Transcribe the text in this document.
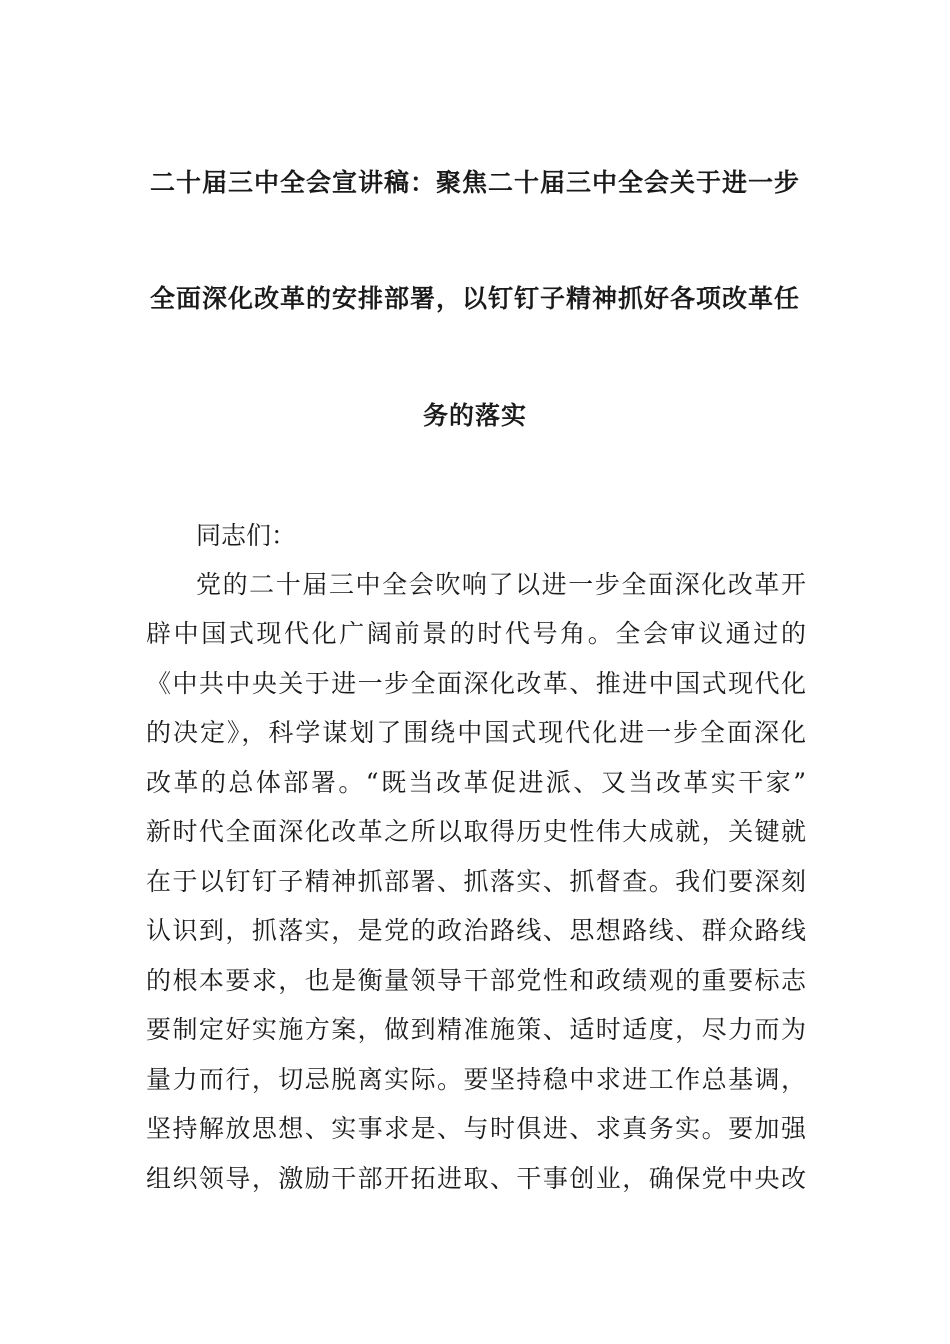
二十届三中全会宣讲稿：聚焦二十届三中全会关于进一步
全面深化改革的安排部署，以钉钉子精神抓好各项改革任
务的落实
同志们：
党的二十届三中全会吹响了以进一步全面深化改革开
辟中国式现代化广阔前景的时代号角。全会审议通过的
《中共中央关于进一步全面深化改革、推进中国式现代化
的决定》，科学谋划了围绕中国式现代化进一步全面深化
改革的总体部署。“既当改革促进派、又当改革实干家”
新时代全面深化改革之所以取得历史性伟大成就，关键就
在于以钉钉子精神抓部署、抓落实、抓督查。我们要深刻
认识到，抓落实，是党的政治路线、思想路线、群众路线
的根本要求，也是衡量领导干部党性和政绩观的重要标志
要制定好实施方案，做到精准施策、适时适度，尽力而为
量力而行，切忌脱离实际。要坚持稳中求进工作总基调，
坚持解放思想、实事求是、与时俱进、求真务实。要加强
组织领导，激励干部开拓进取、干事创业，确保党中央改
